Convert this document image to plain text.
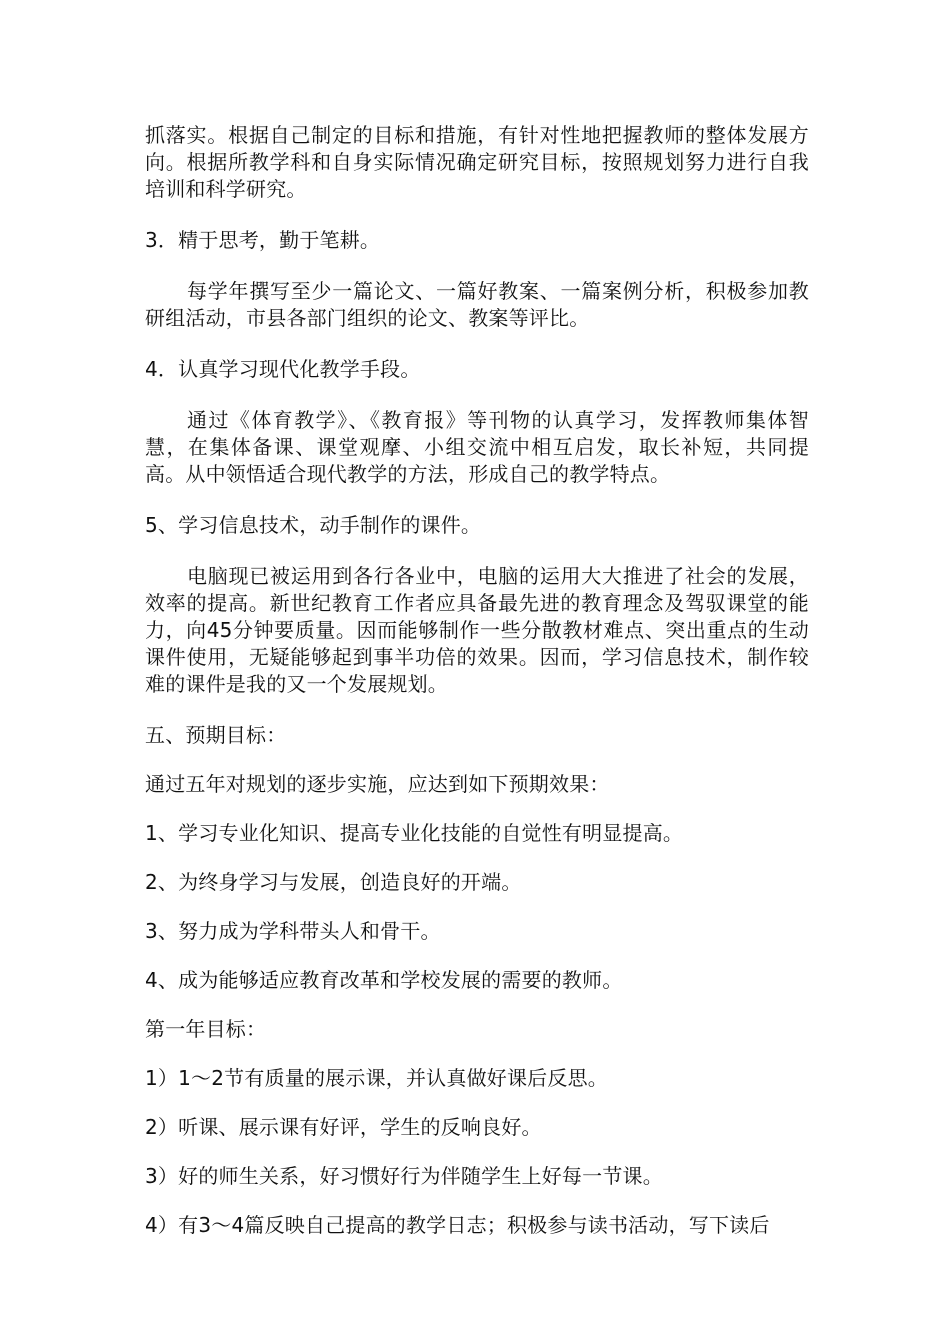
抓落实。根据自己制定的目标和措施，有针对性地把握教师的整体发展方向。根据所教学科和自身实际情况确定研究目标，按照规划努力进行自我培训和科学研究。

3．精于思考，勤于笔耕。

每学年撰写至少一篇论文、一篇好教案、一篇案例分析，积极参加教研组活动，市县各部门组织的论文、教案等评比。

4．认真学习现代化教学手段。

通过《体育教学》、《教育报》等刊物的认真学习，发挥教师集体智慧，在集体备课、课堂观摩、小组交流中相互启发，取长补短，共同提高。从中领悟适合现代教学的方法，形成自己的教学特点。

5、学习信息技术，动手制作的课件。

电脑现已被运用到各行各业中，电脑的运用大大推进了社会的发展，效率的提高。新世纪教育工作者应具备最先进的教育理念及驾驭课堂的能力，向45分钟要质量。因而能够制作一些分散教材难点、突出重点的生动课件使用，无疑能够起到事半功倍的效果。因而，学习信息技术，制作较难的课件是我的又一个发展规划。

五、预期目标：

通过五年对规划的逐步实施，应达到如下预期效果：

1、学习专业化知识、提高专业化技能的自觉性有明显提高。

2、为终身学习与发展，创造良好的开端。

3、努力成为学科带头人和骨干。

4、成为能够适应教育改革和学校发展的需要的教师。

第一年目标：

1）1～2节有质量的展示课，并认真做好课后反思。

2）听课、展示课有好评，学生的反响良好。

3）好的师生关系，好习惯好行为伴随学生上好每一节课。

4）有3～4篇反映自己提高的教学日志；积极参与读书活动，写下读后
